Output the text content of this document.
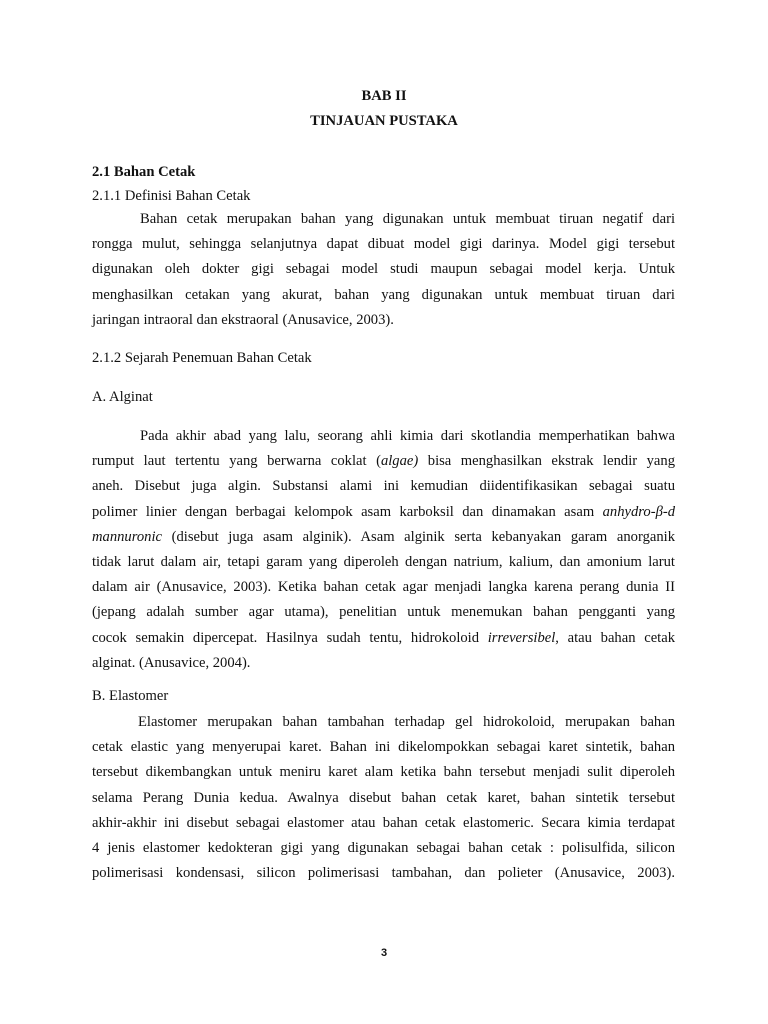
BAB II
TINJAUAN PUSTAKA
2.1 Bahan Cetak
2.1.1 Definisi Bahan Cetak
Bahan cetak merupakan bahan yang digunakan untuk membuat tiruan negatif dari
rongga mulut, sehingga selanjutnya dapat dibuat model gigi darinya. Model gigi tersebut
digunakan oleh dokter gigi sebagai model studi maupun sebagai model kerja. Untuk
menghasilkan cetakan yang akurat, bahan yang digunakan untuk membuat tiruan dari
jaringan intraoral dan ekstraoral (Anusavice, 2003).
2.1.2 Sejarah Penemuan Bahan Cetak
A. Alginat
Pada akhir abad yang lalu, seorang ahli kimia dari skotlandia memperhatikan bahwa
rumput laut tertentu yang berwarna coklat (algae) bisa menghasilkan ekstrak lendir yang
aneh. Disebut juga algin. Substansi alami ini kemudian diidentifikasikan sebagai suatu
polimer linier dengan berbagai kelompok asam karboksil dan dinamakan asam anhydro-β-d
mannuronic (disebut juga asam alginik). Asam alginik serta kebanyakan garam anorganik
tidak larut dalam air, tetapi garam yang diperoleh dengan natrium, kalium, dan amonium larut
dalam air (Anusavice, 2003). Ketika bahan cetak agar menjadi langka karena perang dunia II
(jepang adalah sumber agar utama), penelitian untuk menemukan bahan pengganti yang
cocok semakin dipercepat. Hasilnya sudah tentu, hidrokoloid irreversibel, atau bahan cetak
alginat. (Anusavice, 2004).
B. Elastomer
Elastomer merupakan bahan tambahan terhadap gel hidrokoloid, merupakan bahan
cetak elastic yang menyerupai karet. Bahan ini dikelompokkan sebagai karet sintetik, bahan
tersebut dikembangkan untuk meniru karet alam ketika bahn tersebut menjadi sulit diperoleh
selama Perang Dunia kedua. Awalnya disebut bahan cetak karet, bahan sintetik tersebut
akhir-akhir ini disebut sebagai elastomer atau bahan cetak elastomeric. Secara kimia terdapat
4 jenis elastomer kedokteran gigi yang digunakan sebagai bahan cetak : polisulfida, silicon
polimerisasi kondensasi, silicon polimerisasi tambahan, dan polieter (Anusavice, 2003).
3
